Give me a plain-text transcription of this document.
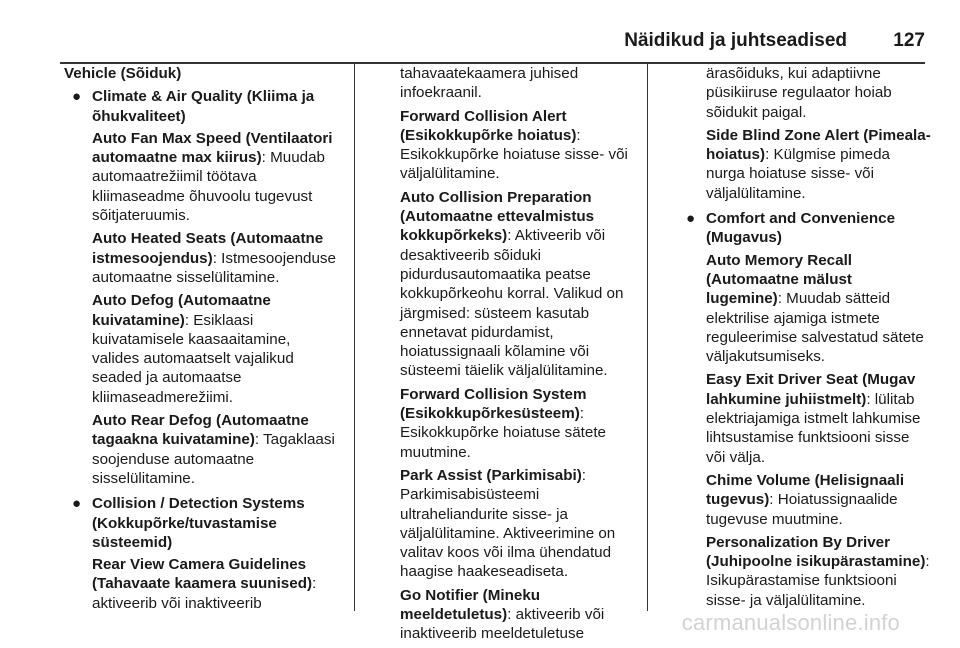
Näidikud ja juhtseadised 127

Vehicle (Sõiduk)

● Climate & Air Quality (Kliima ja õhukvaliteet)

Auto Fan Max Speed (Ventilaatori automaatne max kiirus): Muudab automaatrežiimil töötava kliimaseadme õhuvoolu tugevust sõitjateruumis.

Auto Heated Seats (Automaatne istmesoojendus): Istmesoojenduse automaatne sisselülitamine.

Auto Defog (Automaatne kuivatamine): Esiklaasi kuivatamisele kaasaaitamine, valides automaatselt vajalikud seaded ja automaatse kliimaseadmerežiimi.

Auto Rear Defog (Automaatne tagaakna kuivatamine): Tagaklaasi soojenduse automaatne sisselülitamine.

● Collision / Detection Systems (Kokkupõrke/tuvastamise süsteemid)

Rear View Camera Guidelines (Tahavaate kaamera suunised): aktiveerib või inaktiveerib

tahavaatekaamera juhised infoekraanil.

Forward Collision Alert (Esikokkupõrke hoiatus): Esikokkupõrke hoiatuse sisse- või väljalülitamine.

Auto Collision Preparation (Automaatne ettevalmistus kokkupõrkeks): Aktiveerib või desaktiveerib sõiduki pidurdusautomaatika peatse kokkupõrkeohu korral. Valikud on järgmised: süsteem kasutab ennetavat pidurdamist, hoiatussignaali kõlamine või süsteemi täielik väljalülitamine.

Forward Collision System (Esikokkupõrkesüsteem): Esikokkupõrke hoiatuse sätete muutmine.

Park Assist (Parkimisabi): Parkimisabisüsteemi ultraheliandurite sisse- ja väljalülitamine. Aktiveerimine on valitav koos või ilma ühendatud haagise haakeseadiseta.

Go Notifier (Mineku meeldetuletus): aktiveerib või inaktiveerib meeldetuletuse

ärasõiduks, kui adaptiivne püsikiiruse regulaator hoiab sõidukit paigal.

Side Blind Zone Alert (Pimeala-hoiatus): Külgmise pimeda nurga hoiatuse sisse- või väljalülitamine.

● Comfort and Convenience (Mugavus)

Auto Memory Recall (Automaatne mälust lugemine): Muudab sätteid elektrilise ajamiga istmete reguleerimise salvestatud sätete väljakutsumiseks.

Easy Exit Driver Seat (Mugav lahkumine juhiistmelt): lülitab elektriajamiga istmelt lahkumise lihtsustamise funktsiooni sisse või välja.

Chime Volume (Helisignaali tugevus): Hoiatussignaalide tugevuse muutmine.

Personalization By Driver (Juhipoolne isikupärastamine): Isikupärastamise funktsiooni sisse- ja väljalülitamine.

carmanualsonline.info
